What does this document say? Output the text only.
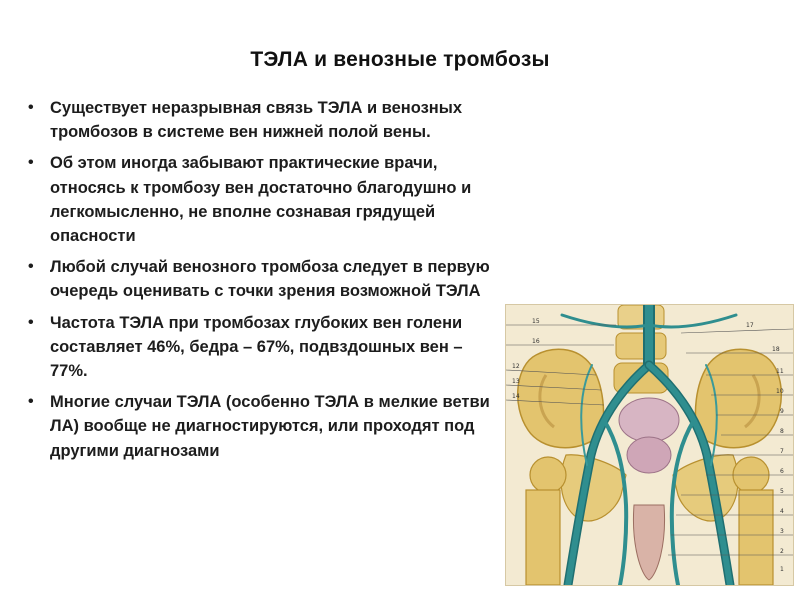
ТЭЛА и венозные тромбозы
• Существует неразрывная связь ТЭЛА и венозных тромбозов в системе вен нижней полой вены.
• Об этом иногда забывают практические врачи, относясь к тромбозу вен достаточно благодушно и легкомысленно, не вполне сознавая грядущей опасности
• Любой случай венозного тромбоза следует в первую очередь оценивать с точки зрения возможной ТЭЛА
• Частота ТЭЛА при тромбозах глубоких вен голени составляет 46%, бедра – 67%, подвздошных вен – 77%.
• Многие случаи ТЭЛА (особенно ТЭЛА в мелкие ветви ЛА) вообще не диагностируются, или проходят под другими диагнозами
15
16
17
18
12
13
14
11
10
9
8
7
6
5
4
3
2
1
